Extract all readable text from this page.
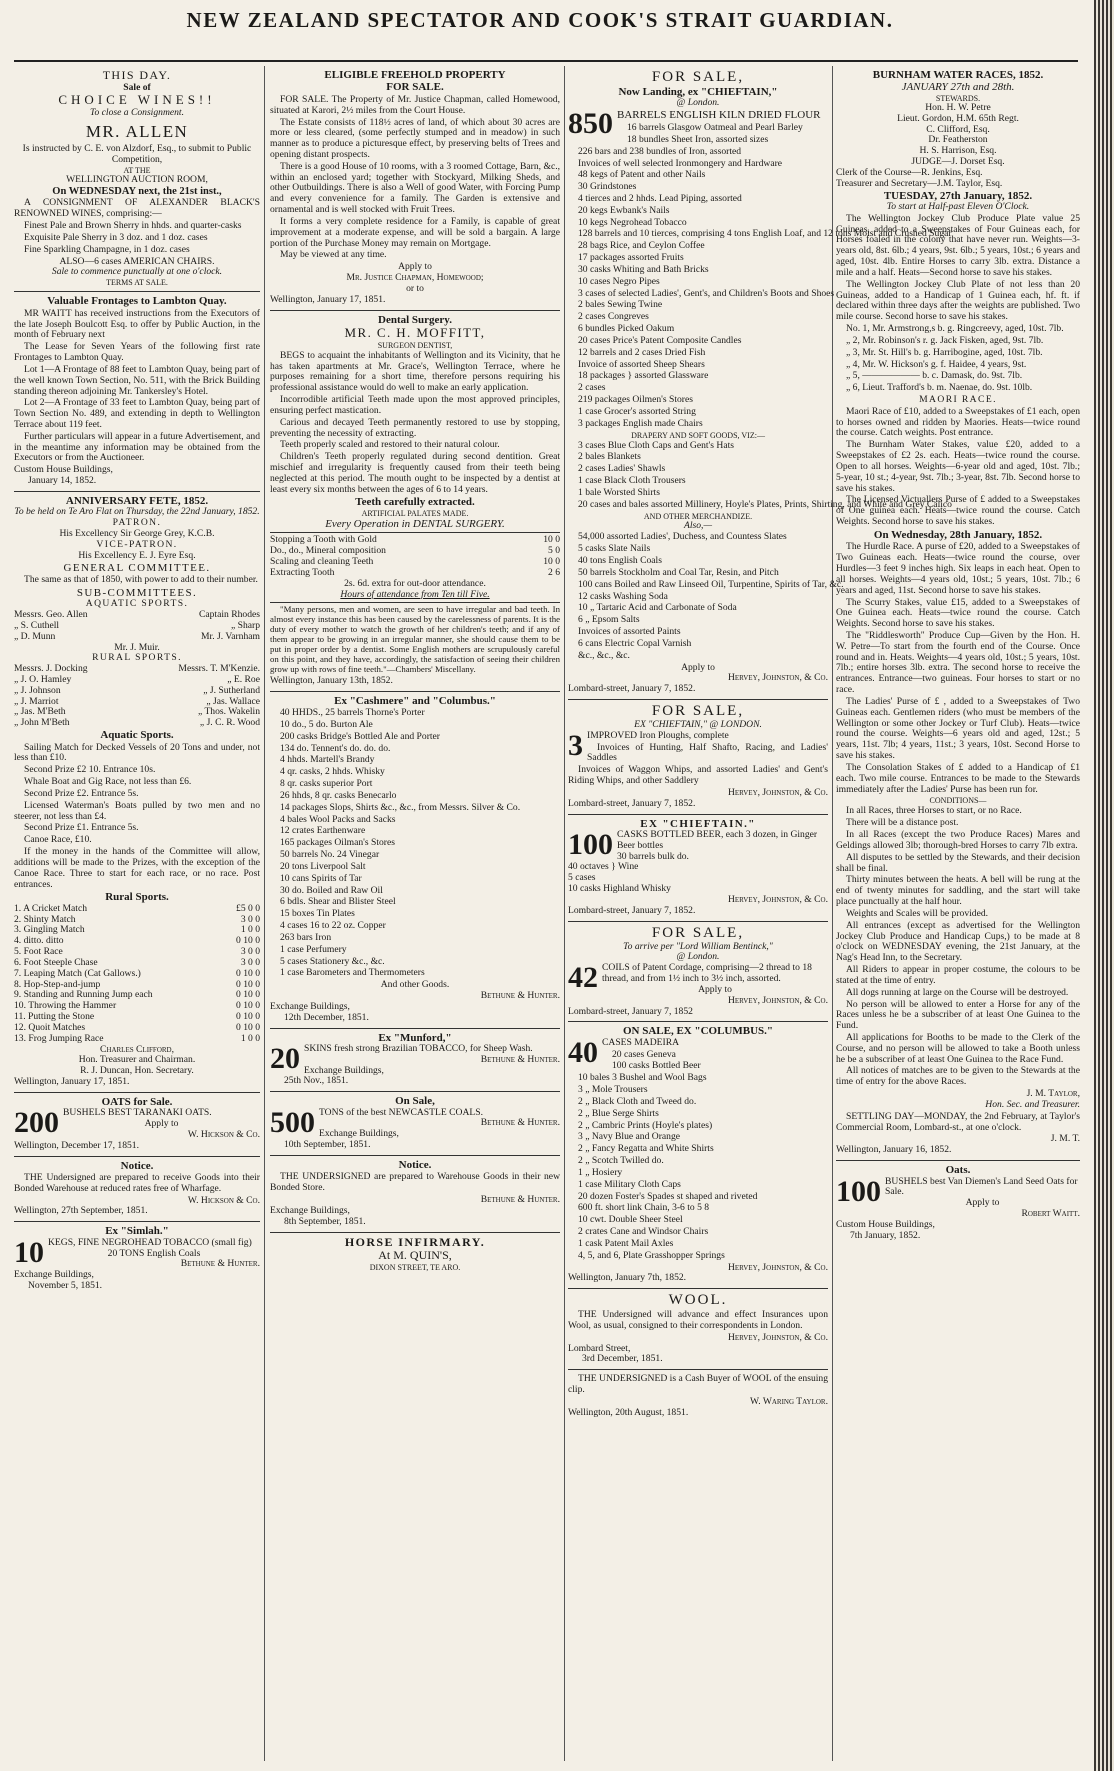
NEW ZEALAND SPECTATOR AND COOK'S STRAIT GUARDIAN.
THIS DAY.
Sale of
CHOICE WINES!!
To close a Consignment.
MR. ALLEN
Is instructed by C. E. von Alzdorf, Esq., to submit to Public Competition,
AT THE
WELLINGTON AUCTION ROOM,
On WEDNESDAY next, the 21st inst.,
A CONSIGNMENT OF ALEXANDER BLACK'S RENOWNED WINES, comprising:—
Finest Pale and Brown Sherry in hhds. and quarter-casks
Exquisite Pale Sherry in 3 doz. and 1 doz. cases
Fine Sparkling Champagne, in 1 doz. cases
ALSO—6 cases AMERICAN CHAIRS.
Sale to commence punctually at one o'clock.
TERMS AT SALE.
Valuable Frontages to Lambton Quay.
MR WAITT has received instructions from the Executors of the late Joseph Boulcott Esq. to offer by Public Auction, in the month of February next
The Lease for Seven Years of the following first rate Frontages to Lambton Quay.
Lot 1—A Frontage of 88 feet to Lambton Quay, being part of the well known Town Section, No. 511, with the Brick Building standing thereon adjoining Mr. Tankersley's Hotel.
Lot 2—A Frontage of 33 feet to Lambton Quay, being part of Town Section No. 489, and extending in depth to Wellington Terrace about 119 feet.
Further particulars will appear in a future Advertisement, and in the meantime any information may be obtained from the Executors or from the Auctioneer.
Custom House Buildings,
January 14, 1852.
ANNIVERSARY FETE, 1852.
To be held on Te Aro Flat on Thursday, the 22nd January, 1852.
PATRON.
His Excellency Sir George Grey, K.C.B.
VICE-PATRON.
His Excellency E. J. Eyre Esq.
GENERAL COMMITTEE.
The same as that of 1850, with power to add to their number.
SUB-COMMITTEES.
AQUATIC SPORTS.
Messrs. Geo. Allen	Captain Rhodes
„ S. Cuthell	„ Sharp
„ D. Munn	Mr. J. Varnham
Mr. J. Muir.
RURAL SPORTS.
Messrs. J. Docking	Messrs. T. M'Kenzie.
„ J. O. Hamley	„ E. Roe
„ J. Johnson	„ J. Sutherland
„ J. Marriot	„ Jas. Wallace
„ Jas. M'Beth	„ Thos. Wakelin
„ John M'Beth	„ J. C. R. Wood
Aquatic Sports.
Sailing Match for Decked Vessels of 20 Tons and under, not less than £10.
Second Prize £2 10. Entrance 10s.
Whale Boat and Gig Race, not less than £6.
Second Prize £2. Entrance 5s.
Licensed Waterman's Boats pulled by two men and no steerer, not less than £4.
Second Prize £1. Entrance 5s.
Canoe Race, £10.
If the money in the hands of the Committee will allow, additions will be made to the Prizes, with the exception of the Canoe Race. Three to start for each race, or no race. Post entrances.
Rural Sports.
1. A Cricket Match	£5 0 0
2. Shinty Match	3 0 0
3. Gingling Match	1 0 0
4. ditto. ditto	0 10 0
5. Foot Race	3 0 0
6. Foot Steeple Chase	3 0 0
7. Leaping Match (Cat Gallows.)	0 10 0
8. Hop-Step-and-jump	0 10 0
9. Standing and Running Jump each	0 10 0
10. Throwing the Hammer	0 10 0
11. Putting the Stone	0 10 0
12. Quoit Matches	0 10 0
13. Frog Jumping Race	1 0 0
Charles Clifford,
Hon. Treasurer and Chairman.
R. J. Duncan, Hon. Secretary.
Wellington, January 17, 1851.
OATS for Sale.
200 BUSHELS BEST TARANAKI OATS.
Apply to
W. Hickson & Co.
Wellington, December 17, 1851.
Notice.
THE Undersigned are prepared to receive Goods into their Bonded Warehouse at reduced rates free of Wharfage.
W. Hickson & Co.
Wellington, 27th September, 1851.
Ex "Simlah."
10 KEGS, FINE NEGROHEAD TOBACCO (small fig)
20 TONS English Coals
Bethune & Hunter.
Exchange Buildings,
November 5, 1851.
ELIGIBLE FREEHOLD PROPERTY
FOR SALE.
FOR SALE. The Property of Mr. Justice Chapman, called Homewood, situated at Karori, 2½ miles from the Court House.
The Estate consists of 118½ acres of land, of which about 30 acres are more or less cleared, (some perfectly stumped and in meadow) in such manner as to produce a picturesque effect, by preserving belts of Trees and opening distant prospects.
There is a good House of 10 rooms, with a 3 roomed Cottage, Barn, &c., within an enclosed yard; together with Stockyard, Milking Sheds, and other Outbuildings. There is also a Well of good Water, with Forcing Pump and every convenience for a family. The Garden is extensive and ornamental and is well stocked with Fruit Trees.
It forms a very complete residence for a Family, is capable of great improvement at a moderate expense, and will be sold a bargain. A large portion of the Purchase Money may remain on Mortgage.
May be viewed at any time.
Apply to
Mr. Justice Chapman, Homewood;
or to
Wellington, January 17, 1851.
Dental Surgery.
MR. C. H. MOFFITT,
SURGEON DENTIST,
BEGS to acquaint the inhabitants of Wellington and its Vicinity, that he has taken apartments at Mr. Grace's, Wellington Terrace, where he purposes remaining for a short time, therefore persons requiring his professional assistance would do well to make an early application.
Incorrodible artificial Teeth made upon the most approved principles, ensuring perfect mastication.
Carious and decayed Teeth permanently restored to use by stopping, preventing the necessity of extracting.
Teeth properly scaled and restored to their natural colour.
Children's Teeth properly regulated during second dentition. Great mischief and irregularity is frequently caused from their teeth being neglected at this period. The mouth ought to be inspected by a dentist at least every six months between the ages of 6 to 14 years.
Teeth carefully extracted.
ARTIFICIAL PALATES MADE.
Every Operation in DENTAL SURGERY.
Stopping a Tooth with Gold	10 0
Do., do., Mineral composition	5 0
Scaling and cleaning Teeth	10 0
Extracting Tooth	2 6
2s. 6d. extra for out-door attendance.
Hours of attendance from Ten till Five.
"Many persons, men and women, are seen to have irregular and bad teeth. In almost every instance this has been caused by the carelessness of parents. It is the duty of every mother to watch the growth of her children's teeth; and if any of them appear to be growing in an irregular manner, she should cause them to be put in proper order by a dentist. Some English mothers are scrupulously careful on this point, and they have, accordingly, the satisfaction of seeing their children grow up with rows of fine teeth."—Chambers' Miscellany.
Wellington, January 13th, 1852.
Ex "Cashmere" and "Columbus."
40 HHDS., 25 barrels Thorne's Porter
10 do., 5 do. Burton Ale
200 casks Bridge's Bottled Ale and Porter
134 do. Tennent's do. do. do.
4 hhds. Martell's Brandy
4 qr. casks, 2 hhds. Whisky
8 qr. casks superior Port
26 hhds, 8 qr. casks Benecarlo
14 packages Slops, Shirts &c., &c., from Messrs. Silver & Co.
4 bales Wool Packs and Sacks
12 crates Earthenware
165 packages Oilman's Stores
50 barrels No. 24 Vinegar
20 tons Liverpool Salt
10 cans Spirits of Tar
30 do. Boiled and Raw Oil
6 bdls. Shear and Blister Steel
15 boxes Tin Plates
4 cases 16 to 22 oz. Copper
263 bars Iron
1 case Perfumery
5 cases Stationery &c., &c.
1 case Barometers and Thermometers
And other Goods.
Bethune & Hunter.
Exchange Buildings,
12th December, 1851.
Ex "Munford,"
20 SKINS fresh strong Brazilian TOBACCO, for Sheep Wash.
Bethune & Hunter.
Exchange Buildings,
25th Nov., 1851.
On Sale,
500 TONS of the best NEWCASTLE COALS.
Bethune & Hunter.
Exchange Buildings,
10th September, 1851.
Notice.
THE UNDERSIGNED are prepared to Warehouse Goods in their new Bonded Store.
Bethune & Hunter.
Exchange Buildings,
8th September, 1851.
HORSE INFIRMARY.
At M. QUIN'S,
DIXON STREET, TE ARO.
FOR SALE,
Now Landing, ex "CHIEFTAIN,"
@ London.
850 BARRELS ENGLISH KILN DRIED FLOUR
16 barrels Glasgow Oatmeal and Pearl Barley
18 bundles Sheet Iron, assorted sizes
226 bars and 238 bundles of Iron, assorted
Invoices of well selected Ironmongery and Hardware
48 kegs of Patent and other Nails
30 Grindstones
4 tierces and 2 hhds. Lead Piping, assorted
20 kegs Ewbank's Nails
10 kegs Negrohead Tobacco
128 barrels and 10 tierces, comprising 4 tons English Loaf, and 12 tons Moist and Crushed Sugar
28 bags Rice, and Ceylon Coffee
17 packages assorted Fruits
30 casks Whiting and Bath Bricks
10 cases Negro Pipes
3 cases of selected Ladies', Gent's, and Children's Boots and Shoes
2 bales Sewing Twine
2 cases Congreves
6 bundles Picked Oakum
20 cases Price's Patent Composite Candles
12 barrels and 2 cases Dried Fish
Invoice of assorted Sheep Shears
18 packages } assorted Glassware
2 cases
219 packages Oilmen's Stores
1 case Grocer's assorted String
3 packages English made Chairs
DRAPERY AND SOFT GOODS, VIZ:—
3 cases Blue Cloth Caps and Gent's Hats
2 bales Blankets
2 cases Ladies' Shawls
1 case Black Cloth Trousers
1 bale Worsted Shirts
20 cases and bales assorted Millinery, Hoyle's Plates, Prints, Shirting, and White and Grey Calico
AND OTHER MERCHANDIZE.
Also,—
54,000 assorted Ladies', Duchess, and Countess Slates
5 casks Slate Nails
40 tons English Coals
50 barrels Stockholm and Coal Tar, Resin, and Pitch
100 cans Boiled and Raw Linseed Oil, Turpentine, Spirits of Tar, &c.
12 casks Washing Soda
10 „ Tartaric Acid and Carbonate of Soda
6 „ Epsom Salts
Invoices of assorted Paints
6 cans Electric Copal Varnish
&c., &c., &c.
Apply to
Hervey, Johnston, & Co.
Lombard-street, January 7, 1852.
FOR SALE,
EX "CHIEFTAIN," @ LONDON.
3 IMPROVED Iron Ploughs, complete
Invoices of Hunting, Half Shafto, Racing, and Ladies' Saddles
Invoices of Waggon Whips, and assorted Ladies' and Gent's Riding Whips, and other Saddlery
Hervey, Johnston, & Co.
Lombard-street, January 7, 1852.
EX "CHIEFTAIN."
100 CASKS BOTTLED BEER, each 3 dozen, in Ginger Beer bottles
30 barrels bulk do.
40 octaves } Wine
5 cases
10 casks Highland Whisky
Hervey, Johnston, & Co.
Lombard-street, January 7, 1852.
FOR SALE,
To arrive per "Lord William Bentinck,"
@ London.
42 COILS of Patent Cordage, comprising—2 thread to 18 thread, and from 1½ inch to 3½ inch, assorted.
Apply to
Hervey, Johnston, & Co.
Lombard-street, January 7, 1852
ON SALE, EX "COLUMBUS."
40 CASES MADEIRA
20 cases Geneva
100 casks Bottled Beer
10 bales 3 Bushel and Wool Bags
3 „ Mole Trousers
2 „ Black Cloth and Tweed do.
2 „ Blue Serge Shirts
2 „ Cambric Prints (Hoyle's plates)
3 „ Navy Blue and Orange
2 „ Fancy Regatta and White Shirts
2 „ Scotch Twilled do.
1 „ Hosiery
1 case Military Cloth Caps
20 dozen Foster's Spades st shaped and riveted
600 ft. short link Chain, 3-6 to 5 8
10 cwt. Double Sheer Steel
2 crates Cane and Windsor Chairs
1 cask Patent Mail Axles
4, 5, and 6, Plate Grasshopper Springs
Hervey, Johnston, & Co.
Wellington, January 7th, 1852.
WOOL.
THE Undersigned will advance and effect Insurances upon Wool, as usual, consigned to their correspondents in London.
Hervey, Johnston, & Co.
Lombard Street,
3rd December, 1851.
THE UNDERSIGNED is a Cash Buyer of WOOL of the ensuing clip.
W. Waring Taylor.
Wellington, 20th August, 1851.
BURNHAM WATER RACES, 1852.
JANUARY 27th and 28th.
STEWARDS.
Hon. H. W. Petre
Lieut. Gordon, H.M. 65th Regt.
C. Clifford, Esq.
Dr. Featherston
H. S. Harrison, Esq.
JUDGE—J. Dorset Esq.
Clerk of the Course—R. Jenkins, Esq.
Treasurer and Secretary—J.M. Taylor, Esq.
TUESDAY, 27th January, 1852.
To start at Half-past Eleven O'Clock.
The Wellington Jockey Club Produce Plate value 25 Guineas, added to a Sweepstakes of Four Guineas each, for Horses foaled in the colony that have never run. Weights—3-years old, 8st. 6lb.; 4 years, 9st. 6lb.; 5 years, 10st.; 6 years and aged, 10st. 4lb. Entire Horses to carry 3lb. extra. Distance a mile and a half. Heats—Second horse to save his stakes.
The Wellington Jockey Club Plate of not less than 20 Guineas, added to a Handicap of 1 Guinea each, hf. ft. if declared within three days after the weights are published. Two mile course. Second horse to save his stakes.
No. 1, Mr. Armstrong,s b. g. Ringcreevy, aged, 10st. 7lb.
„ 2, Mr. Robinson's r. g. Jack Fisken, aged, 9st. 7lb.
„ 3, Mr. St. Hill's b. g. Harribogine, aged, 10st. 7lb.
„ 4, Mr. W. Hickson's g. f. Haidee, 4 years, 9st.
„ 5, —————— b. c. Damask, do. 9st. 7lb.
„ 6, Lieut. Trafford's b. m. Naenae, do. 9st. 10lb.
MAORI RACE.
Maori Race of £10, added to a Sweepstakes of £1 each, open to horses owned and ridden by Maories. Heats—twice round the course. Catch weights. Post entrance.
The Burnham Water Stakes, value £20, added to a Sweepstakes of £2 2s. each. Heats—twice round the course. Open to all horses. Weights—6-year old and aged, 10st. 7lb.; 5-year, 10 st.; 4-year, 9st. 7lb.; 3-year, 8st. 7lb. Second horse to save his stakes.
The Licensed Victuallers Purse of £ added to a Sweepstakes of One guinea each. Heats—twice round the course. Catch Weights. Second horse to save his stakes.
On Wednesday, 28th January, 1852.
The Hurdle Race. A purse of £20, added to a Sweepstakes of Two Guineas each. Heats—twice round the course, over Hurdles—3 feet 9 inches high. Six leaps in each heat. Open to all horses. Weights—4 years old, 10st.; 5 years, 10st. 7lb.; 6 years and aged, 11st. Second horse to save his stakes.
The Scurry Stakes, value £15, added to a Sweepstakes of One Guinea each. Heats—twice round the course. Catch Weights. Second horse to save his stakes.
The "Riddlesworth" Produce Cup—Given by the Hon. H. W. Petre—To start from the fourth end of the Course. Once round and in. Heats. Weights—4 years old, 10st.; 5 years, 10st. 7lb.; entire horses 3lb. extra. The second horse to receive the entrances. Entrance—two guineas. Four horses to start or no race.
The Ladies' Purse of £ , added to a Sweepstakes of Two Guineas each. Gentlemen riders (who must be members of the Wellington or some other Jockey or Turf Club). Heats—twice round the course. Weights—6 years old and aged, 12st.; 5 years, 11st. 7lb; 4 years, 11st.; 3 years, 10st. Second Horse to save his stakes.
The Consolation Stakes of £ added to a Handicap of £1 each. Two mile course. Entrances to be made to the Stewards immediately after the Ladies' Purse has been run for.
CONDITIONS—
In all Races, three Horses to start, or no Race.
There will be a distance post.
In all Races (except the two Produce Races) Mares and Geldings allowed 3lb; thorough-bred Horses to carry 7lb extra.
All disputes to be settled by the Stewards, and their decision shall be final.
Thirty minutes between the heats. A bell will be rung at the end of twenty minutes for saddling, and the start will take place punctually at the half hour.
Weights and Scales will be provided.
All entrances (except as advertised for the Wellington Jockey Club Produce and Handicap Cups,) to be made at 8 o'clock on WEDNESDAY evening, the 21st January, at the Nag's Head Inn, to the Secretary.
All Riders to appear in proper costume, the colours to be stated at the time of entry.
All dogs running at large on the Course will be destroyed.
No person will be allowed to enter a Horse for any of the Races unless he be a subscriber of at least One Guinea to the Fund.
All applications for Booths to be made to the Clerk of the Course, and no person will be allowed to take a Booth unless he be a subscriber of at least One Guinea to the Race Fund.
All notices of matches are to be given to the Stewards at the time of entry for the above Races.
J. M. Taylor,
Hon. Sec. and Treasurer.
SETTLING DAY—MONDAY, the 2nd February, at Taylor's Commercial Room, Lombard-st., at one o'clock.
J. M. T.
Wellington, January 16, 1852.
Oats.
100 BUSHELS best Van Diemen's Land Seed Oats for Sale.
Apply to
Robert Waitt.
Custom House Buildings,
7th January, 1852.
